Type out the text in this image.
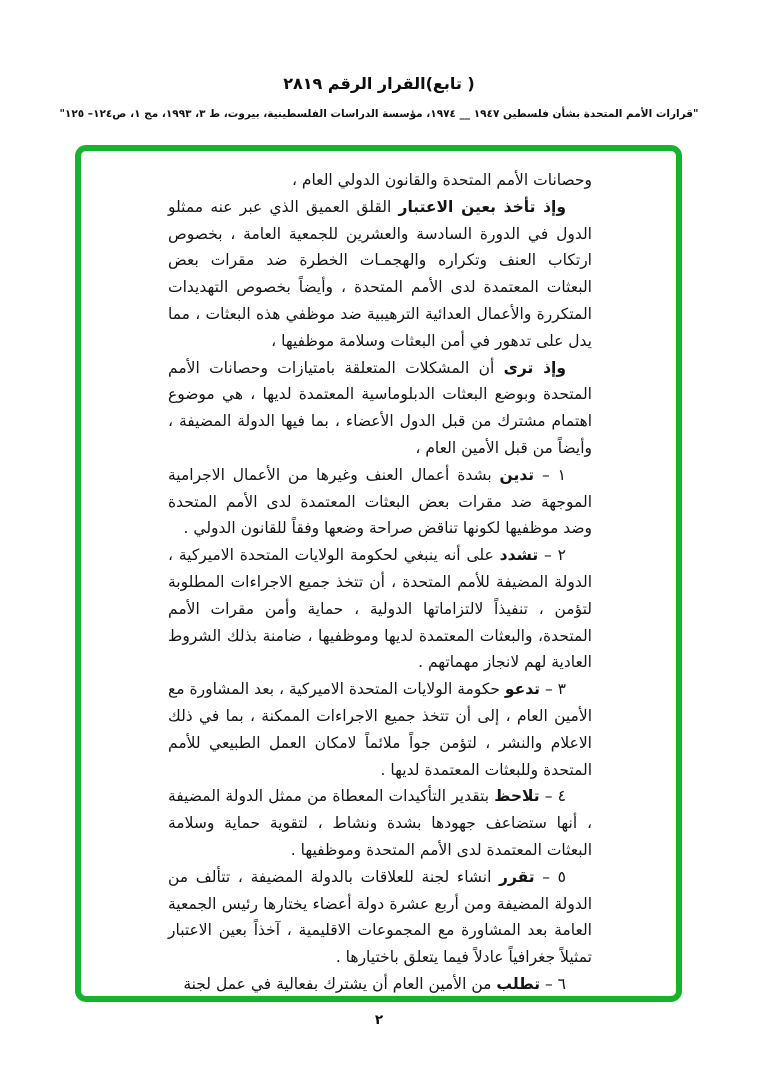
( تابع)القرار الرقم ٢٨١٩
"قرارات الأمم المتحدة بشأن فلسطين ١٩٤٧ __ ١٩٧٤، مؤسسة الدراسات الفلسطينية، بيروت، ط ٣، ١٩٩٣، مج ١، ص١٢٤– ١٢٥"
وحصانات الأمم المتحدة والقانون الدولي العام ،
وإذ تأخذ بعين الاعتبار القلق العميق الذي عبر عنه ممثلو الدول في الدورة السادسة والعشرين للجمعية العامة ، بخصوص ارتكاب العنف وتكراره والهجمـات الخطرة ضد مقرات بعض البعثات المعتمدة لدى الأمم المتحدة ، وأيضاً بخصوص التهديدات المتكررة والأعمال العدائية الترهيبية ضد موظفي هذه البعثات ، مما يدل على تدهور في أمن البعثات وسلامة موظفيها ،
وإذ ترى أن المشكلات المتعلقة بامتيازات وحصانات الأمم المتحدة وبوضع البعثات الدبلوماسية المعتمدة لديها ، هي موضوع اهتمام مشترك من قبل الدول الأعضاء ، بما فيها الدولة المضيفة ، وأيضاً من قبل الأمين العام ،
١ – تدين بشدة أعمال العنف وغيرها من الأعمال الاجرامية الموجهة ضد مقرات بعض البعثات المعتمدة لدى الأمم المتحدة وضد موظفيها لكونها تناقض صراحة وضعها وفقاً للقانون الدولي .
٢ – تشدد على أنه ينبغي لحكومة الولايات المتحدة الاميركية ، الدولة المضيفة للأمم المتحدة ، أن تتخذ جميع الاجراءات المطلوبة لتؤمن ، تنفيذاً لالتزاماتها الدولية ، حماية وأمن مقرات الأمم المتحدة، والبعثات المعتمدة لديها وموظفيها ، ضامنة بذلك الشروط العادية لهم لانجاز مهماتهم .
٣ – تدعو حكومة الولايات المتحدة الاميركية ، بعد المشاورة مع الأمين العام ، إلى أن تتخذ جميع الاجراءات الممكنة ، بما في ذلك الاعلام والنشر ، لتؤمن جواً ملائماً لامكان العمل الطبيعي للأمم المتحدة وللبعثات المعتمدة لديها .
٤ – تلاحظ بتقدير التأكيدات المعطاة من ممثل الدولة المضيفة ، أنها ستضاعف جهودها بشدة ونشاط ، لتقوية حماية وسلامة البعثات المعتمدة لدى الأمم المتحدة وموظفيها .
٥ – تقرر انشاء لجنة للعلاقات بالدولة المضيفة ، تتألف من الدولة المضيفة ومن أربع عشرة دولة أعضاء يختارها رئيس الجمعية العامة بعد المشاورة مع المجموعات الاقليمية ، آخذاً بعين الاعتبار تمثيلاً جغرافياً عادلاً فيما يتعلق باختيارها .
٦ – تطلب من الأمين العام أن يشترك بفعالية في عمل لجنة
٢
